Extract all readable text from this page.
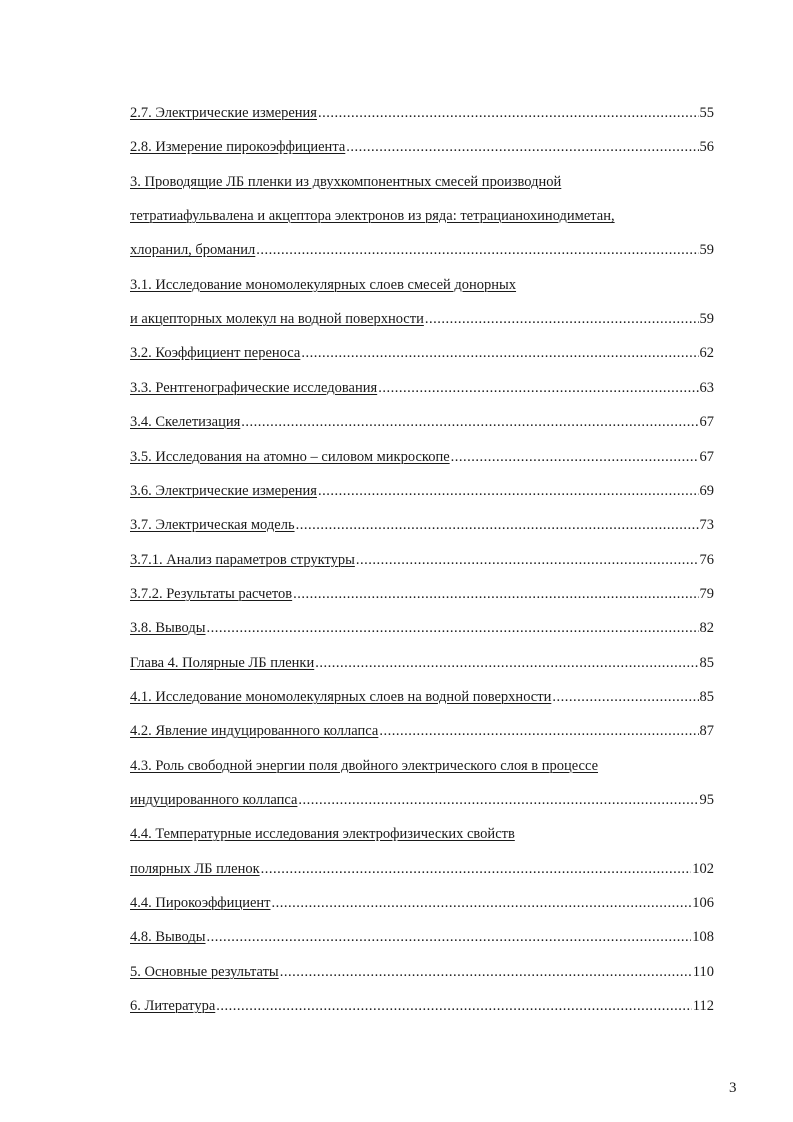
2.7. Электрические измерения .....	55
2.8. Измерение пирокоэффициента .....	56
3. Проводящие ЛБ пленки из двухкомпонентных смесей производной
тетратиафульвалена и акцептора электронов из ряда: тетрацианохинодиметан,
хлоранил, броманил .....	59
3.1. Исследование мономолекулярных слоев смесей донорных
и акцепторных молекул на водной поверхности .....	59
3.2. Коэффициент переноса .....	62
3.3. Рентгенографические исследования .....	63
3.4. Скелетизация .....	67
3.5. Исследования на атомно – силовом микроскопе .....	67
3.6. Электрические измерения .....	69
3.7. Электрическая модель .....	73
3.7.1. Анализ параметров структуры .....	76
3.7.2. Результаты расчетов .....	79
3.8. Выводы .....	82
Глава 4. Полярные ЛБ пленки .....	85
4.1. Исследование мономолекулярных слоев на водной поверхности .....	85
4.2. Явление индуцированного коллапса .....	87
4.3. Роль свободной энергии поля двойного электрического слоя в процессе
индуцированного коллапса .....	95
4.4. Температурные исследования электрофизических свойств
полярных ЛБ пленок .....	102
4.4. Пирокоэффициент .....	106
4.8. Выводы .....	108
5. Основные результаты .....	110
6. Литература .....	112
3
